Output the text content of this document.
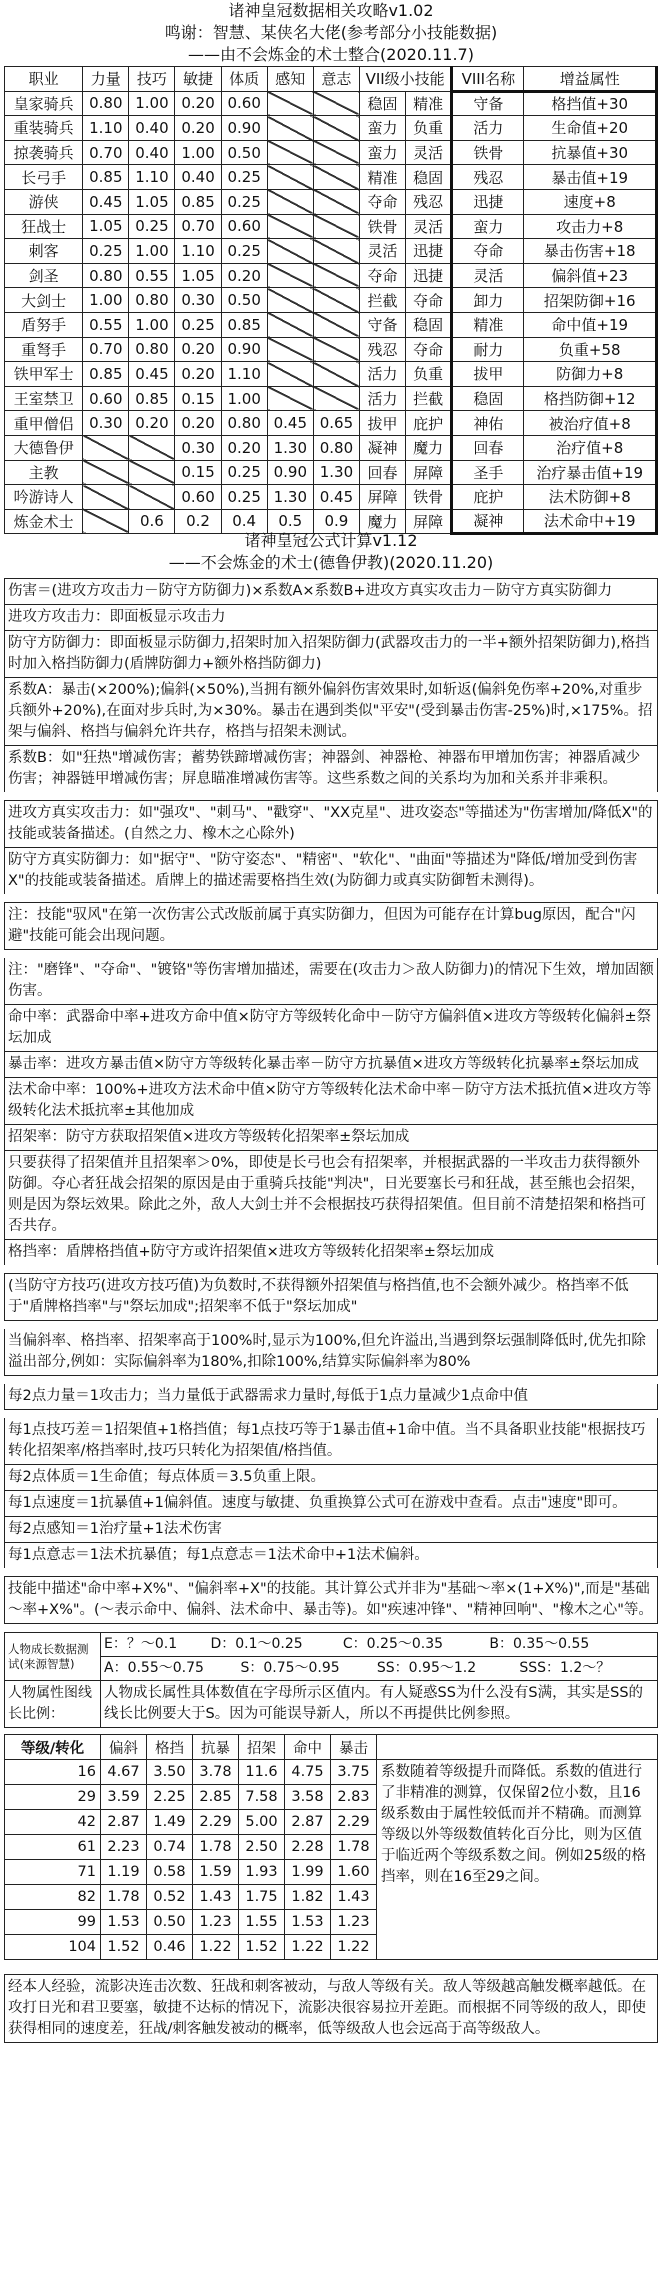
诸神皇冠数据相关攻略v1.02
鸣谢：智慧、某侠名大佬(参考部分小技能数据)
——由不会炼金的术士整合(2020.11.7)
职业	力量	技巧	敏捷	体质	感知	意志	VII级小技能		VIII名称	增益属性
皇家骑兵	0.80	1.00	0.20	0.60			稳固	精准	守备	格挡值+30
重装骑兵	1.10	0.40	0.20	0.90			蛮力	负重	活力	生命值+20
掠袭骑兵	0.70	0.40	1.00	0.50			蛮力	灵活	铁骨	抗暴值+30
长弓手	0.85	1.10	0.40	0.25			精准	稳固	残忍	暴击值+19
游侠	0.45	1.05	0.85	0.25			夺命	残忍	迅捷	速度+8
狂战士	1.05	0.25	0.70	0.60			铁骨	灵活	蛮力	攻击力+8
刺客	0.25	1.00	1.10	0.25			灵活	迅捷	夺命	暴击伤害+18
剑圣	0.80	0.55	1.05	0.20			夺命	迅捷	灵活	偏斜值+23
大剑士	1.00	0.80	0.30	0.50			拦截	夺命	卸力	招架防御+16
盾努手	0.55	1.00	0.25	0.85			守备	稳固	精准	命中值+19
重弩手	0.70	0.80	0.20	0.90			残忍	夺命	耐力	负重+58
铁甲军士	0.85	0.45	0.20	1.10			活力	负重	拔甲	防御力+8
王室禁卫	0.60	0.85	0.15	1.00			活力	拦截	稳固	格挡防御+12
重甲僧侣	0.30	0.20	0.20	0.80	0.45	0.65	拔甲	庇护	神佑	被治疗值+8
大德鲁伊			0.30	0.20	1.30	0.80	凝神	魔力	回春	治疗值+8
主教			0.15	0.25	0.90	1.30	回春	屏障	圣手	治疗暴击值+19
吟游诗人			0.60	0.25	1.30	0.45	屏障	铁骨	庇护	法术防御+8
炼金术士		0.6	0.2	0.4	0.5	0.9	魔力	屏障	凝神	法术命中+19
诸神皇冠公式计算v1.12
——不会炼金的术士(德鲁伊教)(2020.11.20)
伤害＝(进攻方攻击力－防守方防御力)×系数A×系数B+进攻方真实攻击力－防守方真实防御力
进攻方攻击力：即面板显示攻击力
防守方防御力：即面板显示防御力,招架时加入招架防御力(武器攻击力的一半+额外招架防御力),格挡时加入格挡防御力(盾牌防御力+额外格挡防御力)
系数A：暴击(×200%);偏斜(×50%),当拥有额外偏斜伤害效果时,如斩返(偏斜免伤率+20%,对重步兵额外+20%),在面对步兵时,为×30%。暴击在遇到类似"平安"(受到暴击伤害-25%)时,×175%。招架与偏斜、格挡与偏斜允许共存，格挡与招架未测试。
系数B：如"狂热"增减伤害；蓄势铁蹄增减伤害；神器剑、神器枪、神器布甲增加伤害；神器盾减少伤害；神器链甲增减伤害；屏息瞄准增减伤害等。这些系数之间的关系均为加和关系并非乘积。
进攻方真实攻击力：如"强攻"、"刺马"、"戳穿"、"XX克星"、进攻姿态"等描述为"伤害增加/降低X"的技能或装备描述。(自然之力、橡木之心除外)
防守方真实防御力：如"据守"、"防守姿态"、"精密"、"软化"、"曲面"等描述为"降低/增加受到伤害X"的技能或装备描述。盾牌上的描述需要格挡生效(为防御力或真实防御暂未测得)。
注：技能"驭风"在第一次伤害公式改版前属于真实防御力，但因为可能存在计算bug原因，配合"闪避"技能可能会出现问题。
注："磨锋"、"夺命"、"镀铬"等伤害增加描述，需要在(攻击力＞敌人防御力)的情况下生效，增加固额伤害。
命中率：武器命中率+进攻方命中值×防守方等级转化命中－防守方偏斜值×进攻方等级转化偏斜±祭坛加成
暴击率：进攻方暴击值×防守方等级转化暴击率－防守方抗暴值×进攻方等级转化抗暴率±祭坛加成
法术命中率：100%+进攻方法术命中值×防守方等级转化法术命中率－防守方法术抵抗值×进攻方等级转化法术抵抗率±其他加成
招架率：防守方获取招架值×进攻方等级转化招架率±祭坛加成
只要获得了招架值并且招架率＞0%，即使是长弓也会有招架率，并根据武器的一半攻击力获得额外防御。夺心者狂战会招架的原因是由于重骑兵技能"判决"，日光要塞长弓和狂战，甚至熊也会招架，则是因为祭坛效果。除此之外，敌人大剑士并不会根据技巧获得招架值。但目前不清楚招架和格挡可否共存。
格挡率：盾牌格挡值+防守方或许招架值×进攻方等级转化招架率±祭坛加成
(当防守方技巧(进攻方技巧值)为负数时,不获得额外招架值与格挡值,也不会额外减少。格挡率不低于"盾牌格挡率"与"祭坛加成";招架率不低于"祭坛加成"
当偏斜率、格挡率、招架率高于100%时,显示为100%,但允许溢出,当遇到祭坛强制降低时,优先扣除溢出部分,例如：实际偏斜率为180%,扣除100%,结算实际偏斜率为80%
每2点力量＝1攻击力；当力量低于武器需求力量时,每低于1点力量减少1点命中值
每1点技巧差＝1招架值+1格挡值；每1点技巧等于1暴击值+1命中值。当不具备职业技能"根据技巧转化招架率/格挡率时,技巧只转化为招架值/格挡值。
每2点体质＝1生命值；每点体质＝3.5负重上限。
每1点速度＝1抗暴值+1偏斜值。速度与敏捷、负重换算公式可在游戏中查看。点击"速度"即可。
每2点感知＝1治疗量+1法术伤害
每1点意志＝1法术抗暴值；每1点意志＝1法术命中+1法术偏斜。
技能中描述"命中率+X%"、"偏斜率+X"的技能。其计算公式并非为"基础～率×(1+X%)",而是"基础～率+X%"。(～表示命中、偏斜、法术命中、暴击等)。如"疾速冲锋"、"精神回响"、"橡木之心"等。
人物成长数据测试(来源智慧)	E：？～0.1 D：0.1～0.25 C：0.25～0.35 B：0.35～0.55
	A：0.55～0.75 S：0.75～0.95 SS：0.95～1.2 SSS：1.2～？
人物属性图线长比例：	人物成长属性具体数值在字母所示区值内。有人疑惑SS为什么没有S满，其实是SS的线长比例要大于S。因为可能误导新人，所以不再提供比例参照。
等级/转化	偏斜	格挡	抗暴	招架	命中	暴击	
16	4.67	3.50	3.78	11.6	4.75	3.75	系数随着等级提升而降低。系数的值进行了非精准的测算，仅保留2位小数，且16级系数由于属性较低而并不精确。而测算等级以外等级数值转化百分比，则为区值于临近两个等级系数之间。例如25级的格挡率，则在16至29之间。
29	3.59	2.25	2.85	7.58	3.58	2.83	
42	2.87	1.49	2.29	5.00	2.87	2.29	
61	2.23	0.74	1.78	2.50	2.28	1.78	
71	1.19	0.58	1.59	1.93	1.99	1.60	
82	1.78	0.52	1.43	1.75	1.82	1.43	
99	1.53	0.50	1.23	1.55	1.53	1.23	
104	1.52	0.46	1.22	1.52	1.22	1.22	
经本人经验，流影决连击次数、狂战和刺客被动，与敌人等级有关。敌人等级越高触发概率越低。在攻打日光和君卫要塞，敏捷不达标的情况下，流影决很容易拉开差距。而根据不同等级的敌人，即使获得相同的速度差，狂战/刺客触发被动的概率，低等级敌人也会远高于高等级敌人。
